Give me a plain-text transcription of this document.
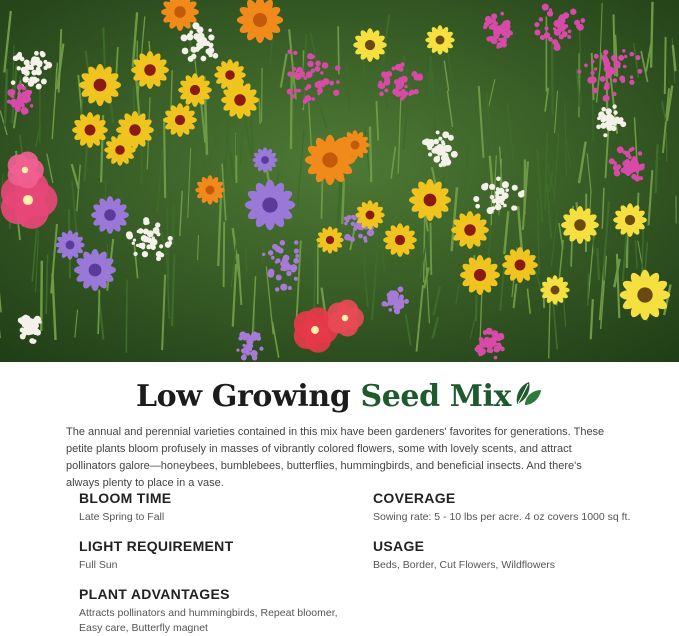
Low Growing Seed Mix
The annual and perennial varieties contained in this mix have been gardeners' favorites for generations. These petite plants bloom profusely in masses of vibrantly colored flowers, some with lovely scents, and attract pollinators galore—honeybees, bumblebees, butterflies, hummingbirds, and beneficial insects. And there's always plenty to place in a vase.
BLOOM TIME
Late Spring to Fall
COVERAGE
Sowing rate: 5 - 10 lbs per acre. 4 oz covers 1000 sq ft.
LIGHT REQUIREMENT
Full Sun
USAGE
Beds, Border, Cut Flowers, Wildflowers
PLANT ADVANTAGES
Attracts pollinators and hummingbirds, Repeat bloomer, Easy care, Butterfly magnet
